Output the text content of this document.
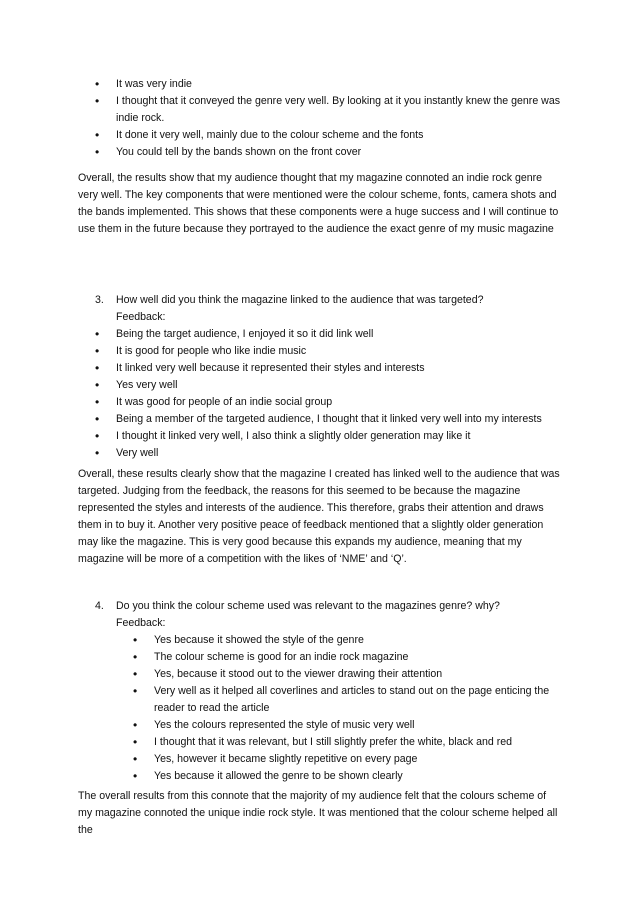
• It was very indie
• I thought that it conveyed the genre very well. By looking at it you instantly knew the genre was indie rock.
• It done it very well, mainly due to the colour scheme and the fonts
• You could tell by the bands shown on the front cover

Overall, the results show that my audience thought that my magazine connoted an indie rock genre very well. The key components that were mentioned were the colour scheme, fonts, camera shots and the bands implemented. This shows that these components were a huge success and I will continue to use them in the future because they portrayed to the audience the exact genre of my music magazine

3. How well did you think the magazine linked to the audience that was targeted?
Feedback:
• Being the target audience, I enjoyed it so it did link well
• It is good for people who like indie music
• It linked very well because it represented their styles and interests
• Yes very well
• It was good for people of an indie social group
• Being a member of the targeted audience, I thought that it linked very well into my interests
• I thought it linked very well, I also think a slightly older generation may like it
• Very well

Overall, these results clearly show that the magazine I created has linked well to the audience that was targeted. Judging from the feedback, the reasons for this seemed to be because the magazine represented the styles and interests of the audience. This therefore, grabs their attention and draws them in to buy it. Another very positive peace of feedback mentioned that a slightly older generation may like the magazine. This is very good because this expands my audience, meaning that my magazine will be more of a competition with the likes of ‘NME’ and ‘Q’.

4. Do you think the colour scheme used was relevant to the magazines genre? why?
Feedback:
• Yes because it showed the style of the genre
• The colour scheme is good for an indie rock magazine
• Yes, because it stood out to the viewer drawing their attention
• Very well as it helped all coverlines and articles to stand out on the page enticing the reader to read the article
• Yes the colours represented the style of music very well
• I thought that it was relevant, but I still slightly prefer the white, black and red
• Yes, however it became slightly repetitive on every page
• Yes because it allowed the genre to be shown clearly

The overall results from this connote that the majority of my audience felt that the colours scheme of my magazine connoted the unique indie rock style. It was mentioned that the colour scheme helped all the
